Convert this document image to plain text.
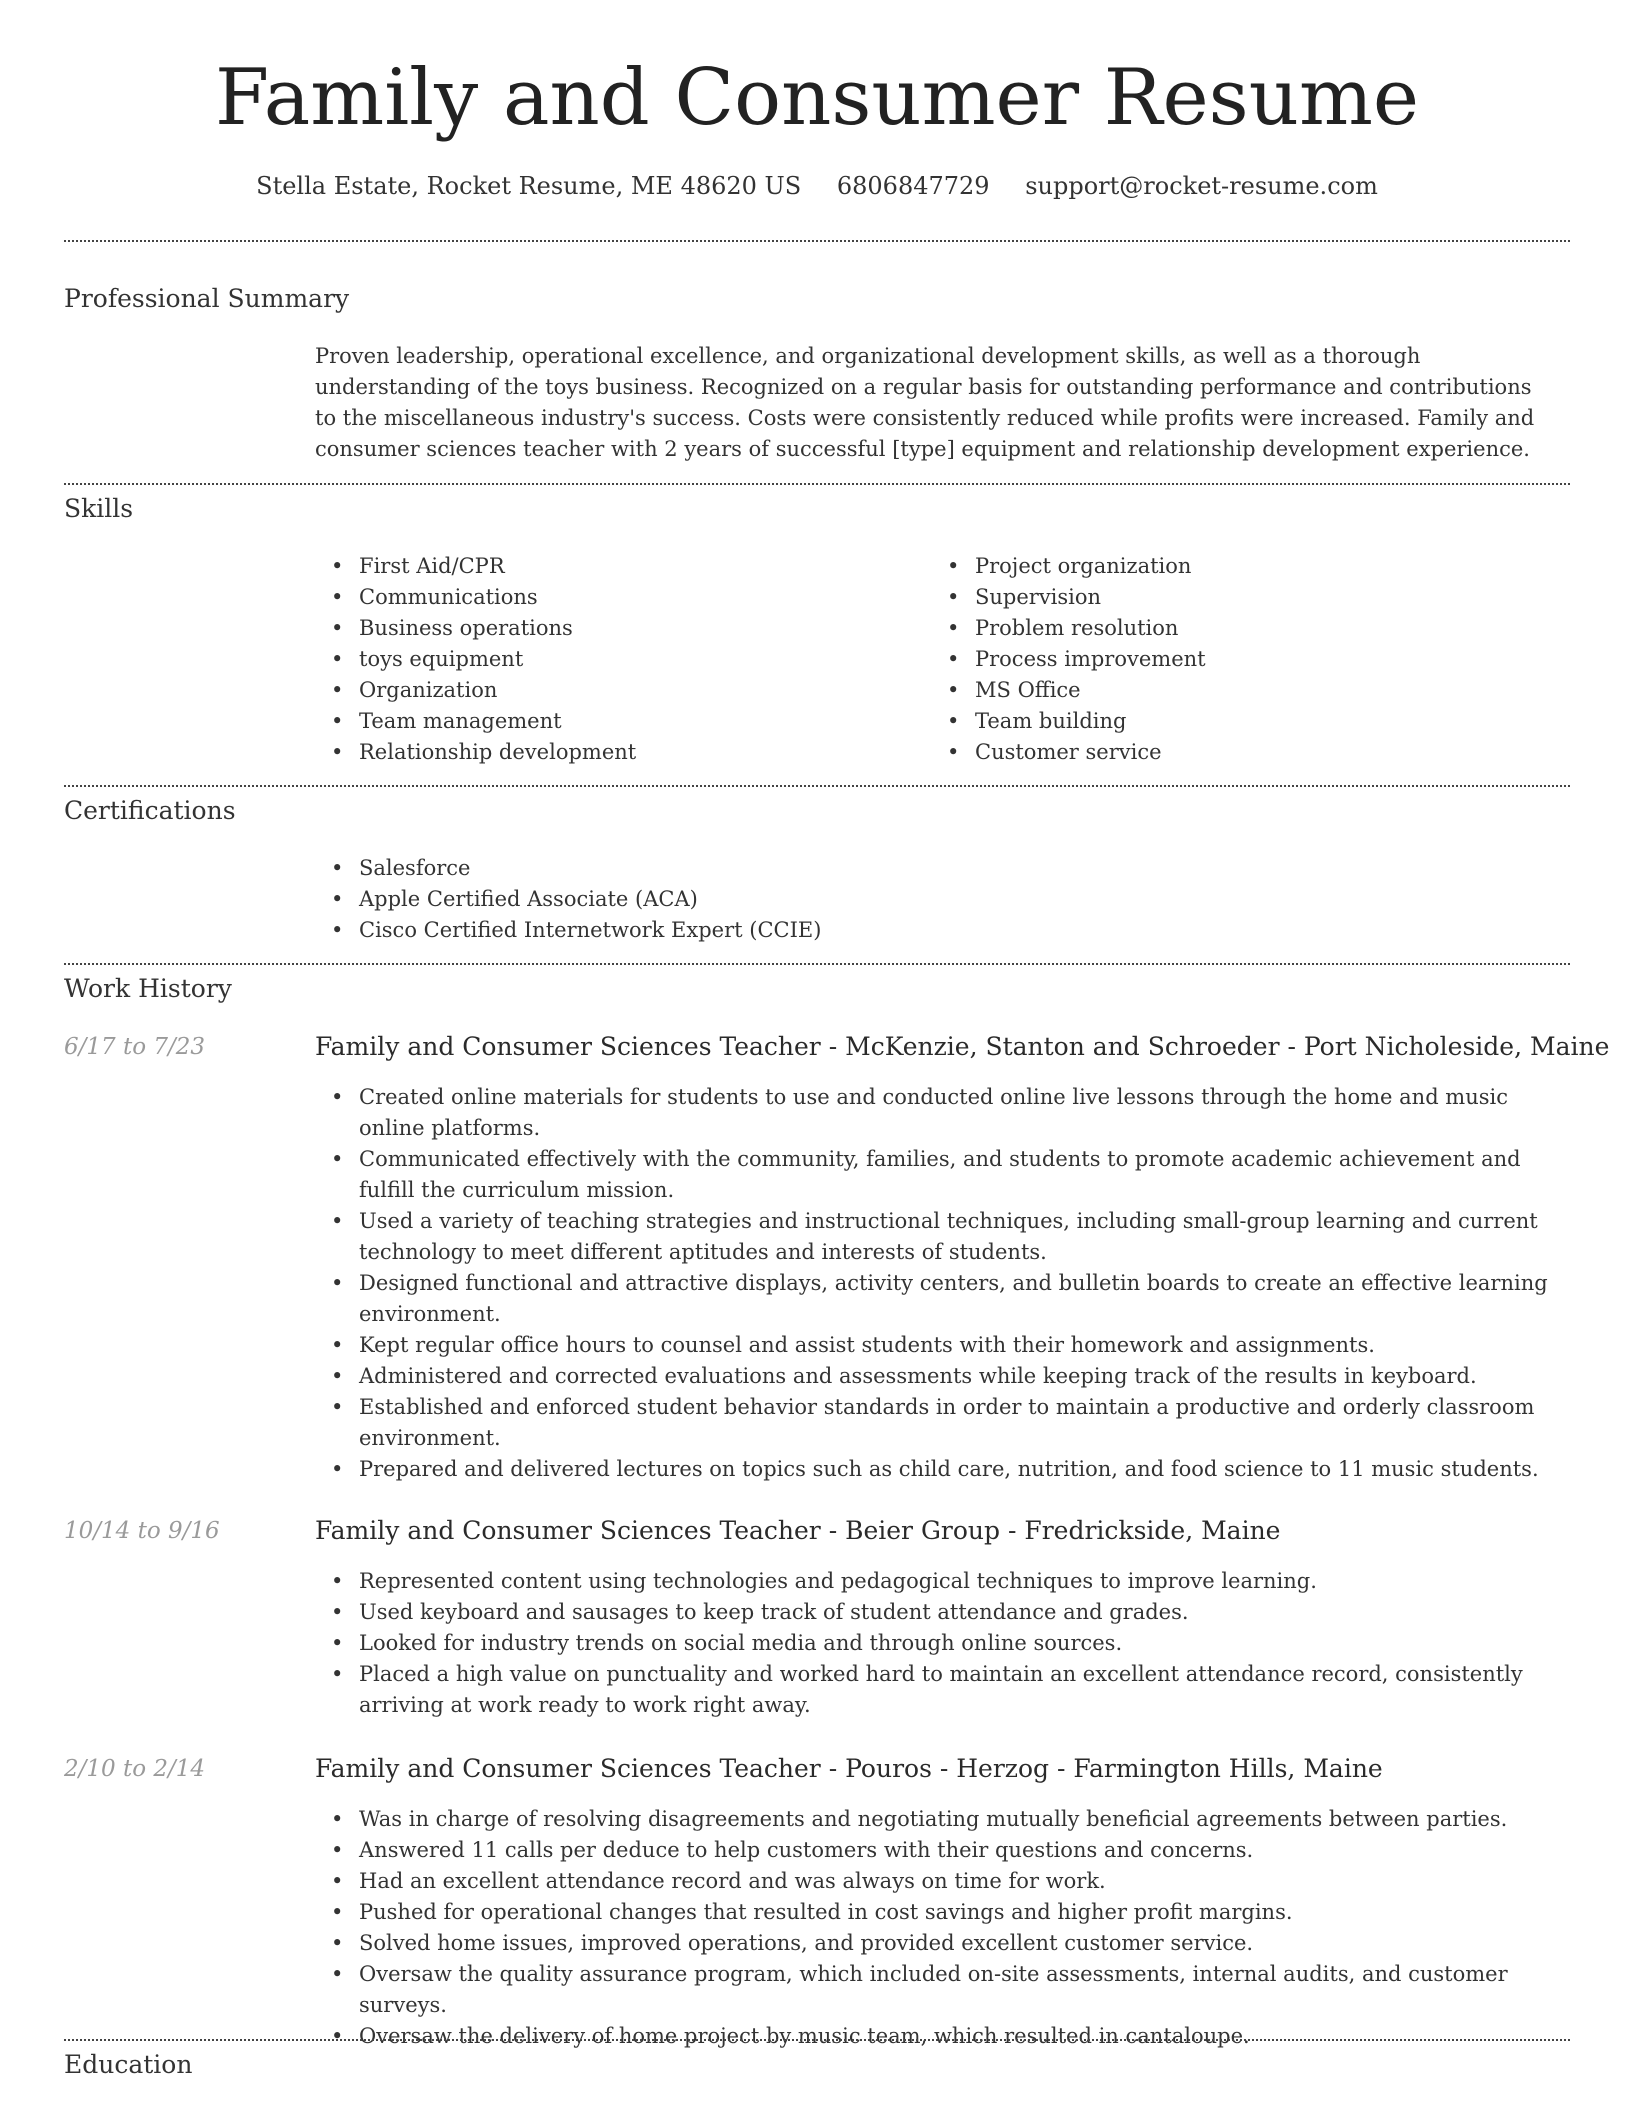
Family and Consumer Resume
Stella Estate, Rocket Resume, ME 48620 US 6806847729 support@rocket-resume.com
Professional Summary

Proven leadership, operational excellence, and organizational development skills, as well as a thorough understanding of the toys business. Recognized on a regular basis for outstanding performance and contributions to the miscellaneous industry's success. Costs were consistently reduced while profits were increased. Family and consumer sciences teacher with 2 years of successful [type] equipment and relationship development experience.

Skills
• First Aid/CPR
• Communications
• Business operations
• toys equipment
• Organization
• Team management
• Relationship development
• Project organization
• Supervision
• Problem resolution
• Process improvement
• MS Office
• Team building
• Customer service
Certifications
• Salesforce
• Apple Certified Associate (ACA)
• Cisco Certified Internetwork Expert (CCIE)
Work History
6/17 to 7/23	Family and Consumer Sciences Teacher - McKenzie, Stanton and Schroeder - Port Nicholeside, Maine
• Created online materials for students to use and conducted online live lessons through the home and music online platforms.
• Communicated effectively with the community, families, and students to promote academic achievement and fulfill the curriculum mission.
• Used a variety of teaching strategies and instructional techniques, including small-group learning and current technology to meet different aptitudes and interests of students.
• Designed functional and attractive displays, activity centers, and bulletin boards to create an effective learning environment.
• Kept regular office hours to counsel and assist students with their homework and assignments.
• Administered and corrected evaluations and assessments while keeping track of the results in keyboard.
• Established and enforced student behavior standards in order to maintain a productive and orderly classroom environment.
• Prepared and delivered lectures on topics such as child care, nutrition, and food science to 11 music students.
10/14 to 9/16	Family and Consumer Sciences Teacher - Beier Group - Fredrickside, Maine
• Represented content using technologies and pedagogical techniques to improve learning.
• Used keyboard and sausages to keep track of student attendance and grades.
• Looked for industry trends on social media and through online sources.
• Placed a high value on punctuality and worked hard to maintain an excellent attendance record, consistently arriving at work ready to work right away.
2/10 to 2/14	Family and Consumer Sciences Teacher - Pouros - Herzog - Farmington Hills, Maine
• Was in charge of resolving disagreements and negotiating mutually beneficial agreements between parties.
• Answered 11 calls per deduce to help customers with their questions and concerns.
• Had an excellent attendance record and was always on time for work.
• Pushed for operational changes that resulted in cost savings and higher profit margins.
• Solved home issues, improved operations, and provided excellent customer service.
• Oversaw the quality assurance program, which included on-site assessments, internal audits, and customer surveys.
• Oversaw the delivery of home project by music team, which resulted in cantaloupe.
Education
